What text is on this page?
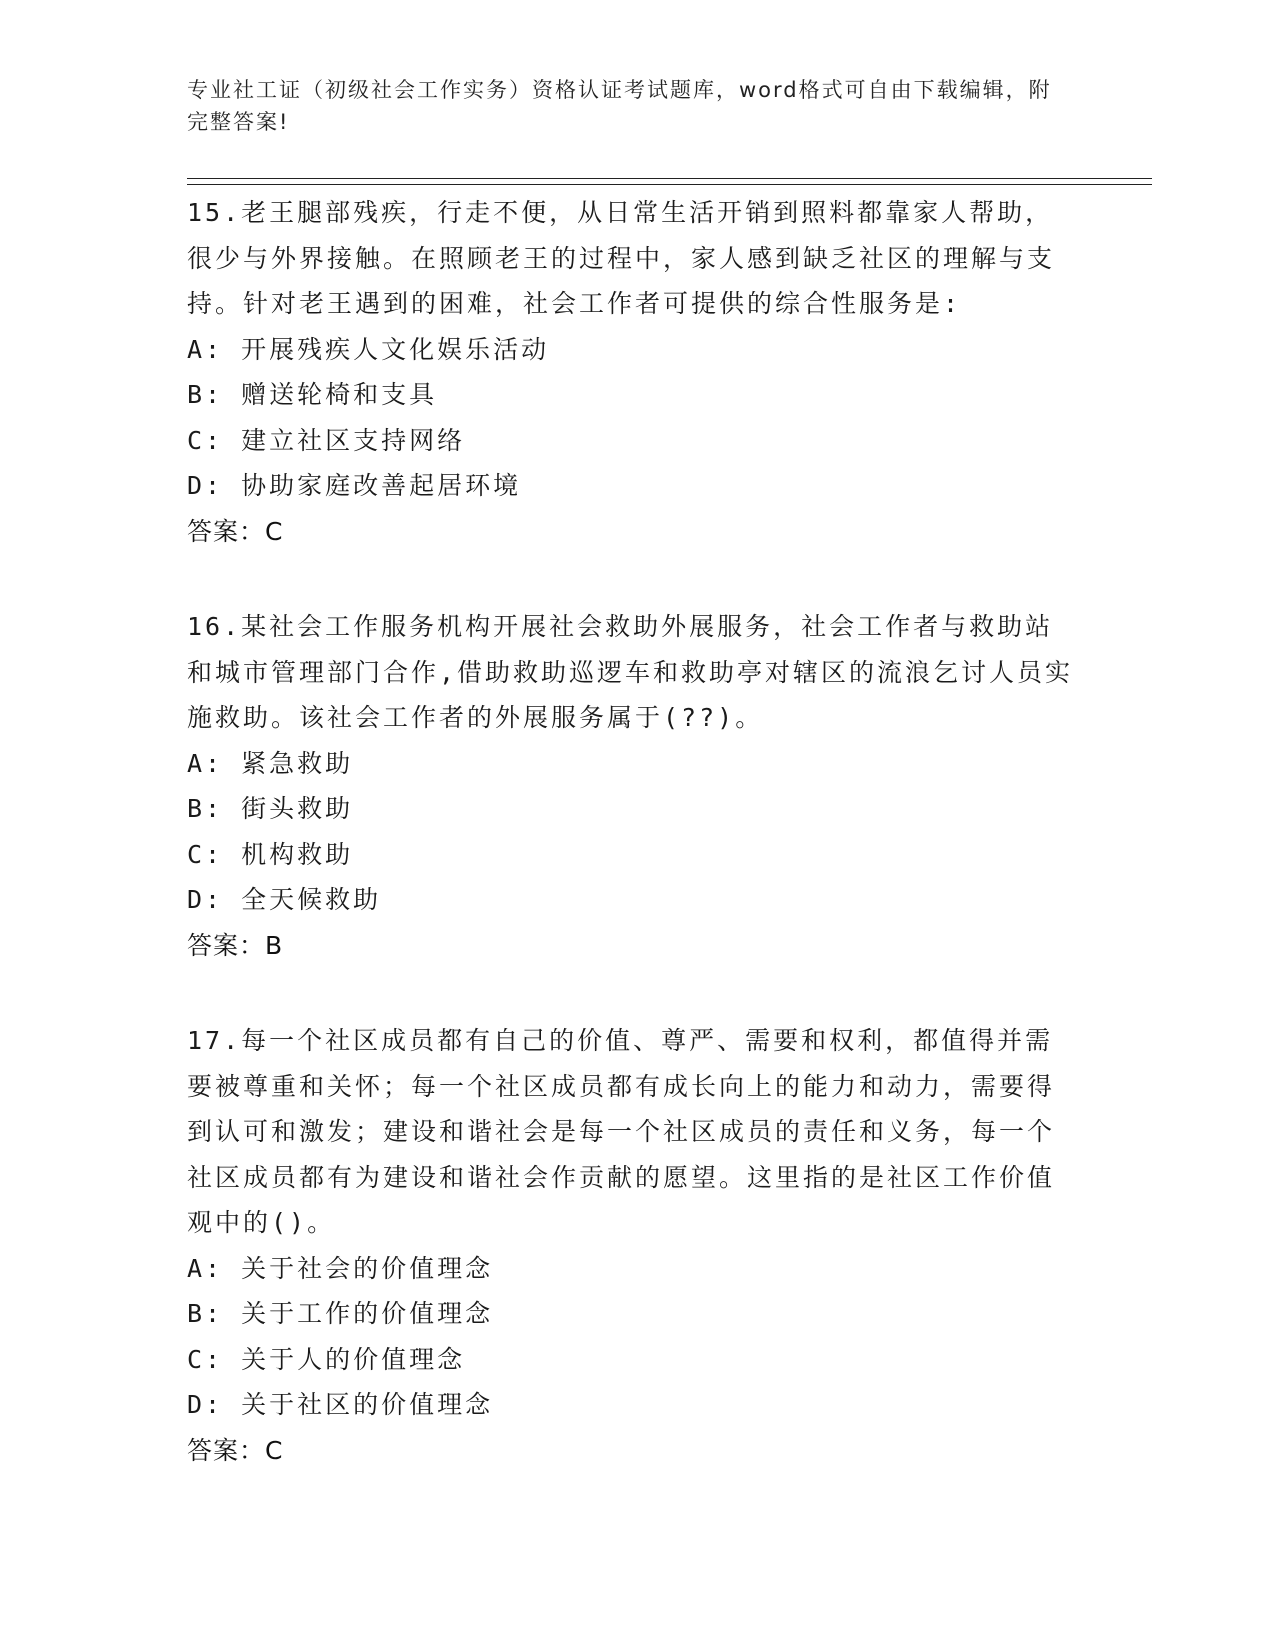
专业社工证（初级社会工作实务）资格认证考试题库，word格式可自由下载编辑，附完整答案!
15.老王腿部残疾，行走不便，从日常生活开销到照料都靠家人帮助，很少与外界接触。在照顾老王的过程中，家人感到缺乏社区的理解与支持。针对老王遇到的困难，社会工作者可提供的综合性服务是:
A: 开展残疾人文化娱乐活动
B: 赠送轮椅和支具
C: 建立社区支持网络
D: 协助家庭改善起居环境
答案：C
16.某社会工作服务机构开展社会救助外展服务，社会工作者与救助站和城市管理部门合作,借助救助巡逻车和救助亭对辖区的流浪乞讨人员实施救助。该社会工作者的外展服务属于(??)。
A: 紧急救助
B: 街头救助
C: 机构救助
D: 全天候救助
答案：B
17.每一个社区成员都有自己的价值、尊严、需要和权利，都值得并需要被尊重和关怀；每一个社区成员都有成长向上的能力和动力，需要得到认可和激发；建设和谐社会是每一个社区成员的责任和义务，每一个社区成员都有为建设和谐社会作贡献的愿望。这里指的是社区工作价值观中的()。
A: 关于社会的价值理念
B: 关于工作的价值理念
C: 关于人的价值理念
D: 关于社区的价值理念
答案：C
